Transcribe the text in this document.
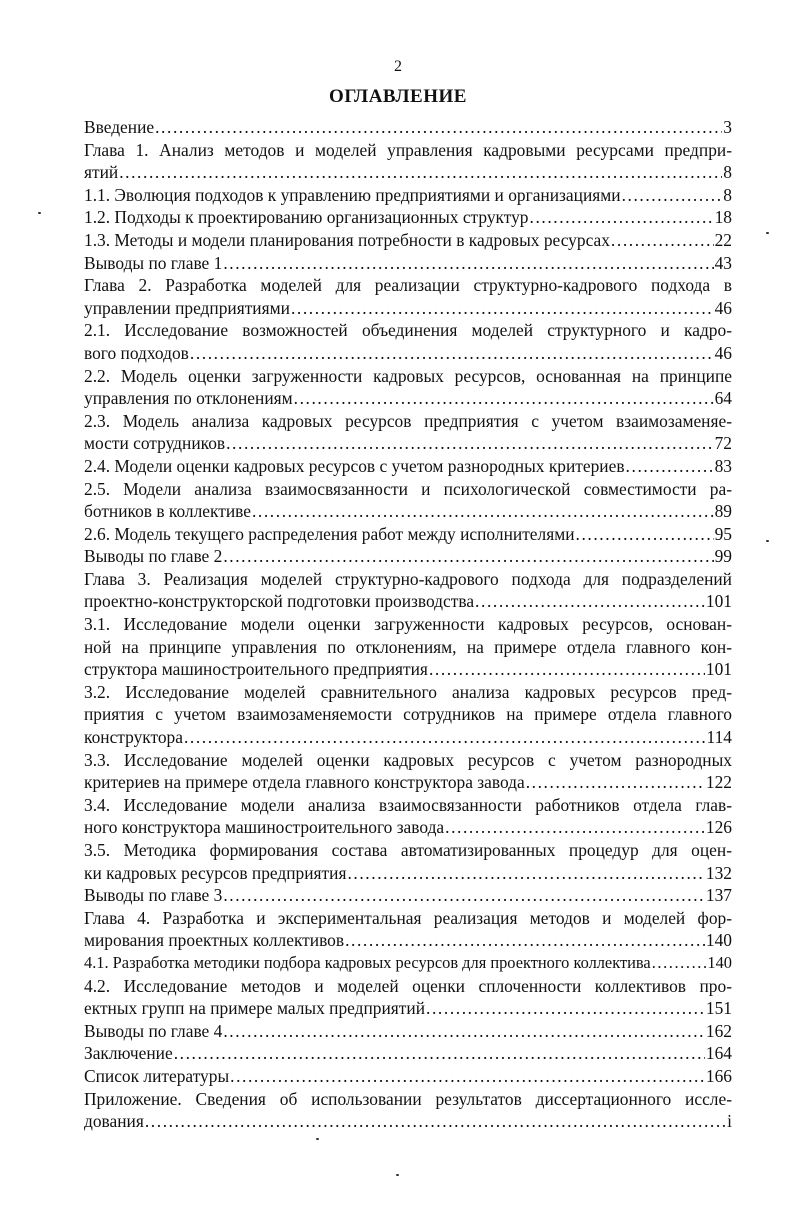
2
ОГЛАВЛЕНИЕ
Введение .....	3
Глава 1. Анализ методов и моделей управления кадровыми ресурсами предпри-
ятий .....	8
1.1. Эволюция подходов к управлению предприятиями и организациями .....	8
1.2. Подходы к проектированию организационных структур .....	18
1.3. Методы и модели планирования потребности в кадровых ресурсах .....	22
Выводы по главе 1 .....	43
Глава 2. Разработка моделей для реализации структурно-кадрового подхода в
управлении предприятиями .....	46
2.1. Исследование возможностей объединения моделей структурного и кадро-
вого подходов .....	46
2.2. Модель оценки загруженности кадровых ресурсов, основанная на принципе
управления по отклонениям .....	64
2.3. Модель анализа кадровых ресурсов предприятия с учетом взаимозаменяе-
мости сотрудников .....	72
2.4. Модели оценки кадровых ресурсов с учетом разнородных критериев .....	83
2.5. Модели анализа взаимосвязанности и психологической совместимости ра-
ботников в коллективе .....	89
2.6. Модель текущего распределения работ между исполнителями .....	95
Выводы по главе 2 .....	99
Глава 3. Реализация моделей структурно-кадрового подхода для подразделений
проектно-конструкторской подготовки производства .....	101
3.1. Исследование модели оценки загруженности кадровых ресурсов, основан-
ной на принципе управления по отклонениям, на примере отдела главного кон-
структора машиностроительного предприятия .....	101
3.2. Исследование моделей сравнительного анализа кадровых ресурсов пред-
приятия с учетом взаимозаменяемости сотрудников на примере отдела главного
конструктора .....	114
3.3. Исследование моделей оценки кадровых ресурсов с учетом разнородных
критериев на примере отдела главного конструктора завода .....	122
3.4. Исследование модели анализа взаимосвязанности работников отдела глав-
ного конструктора машиностроительного завода .....	126
3.5. Методика формирования состава автоматизированных процедур для оцен-
ки кадровых ресурсов предприятия .....	132
Выводы по главе 3 .....	137
Глава 4. Разработка и экспериментальная реализация методов и моделей фор-
мирования проектных коллективов .....	140
4.1. Разработка методики подбора кадровых ресурсов для проектного коллектива .....	140
4.2. Исследование методов и моделей оценки сплоченности коллективов про-
ектных групп на примере малых предприятий .....	151
Выводы по главе 4 .....	162
Заключение .....	164
Список литературы .....	166
Приложение. Сведения об использовании результатов диссертационного иссле-
дования .....	i
